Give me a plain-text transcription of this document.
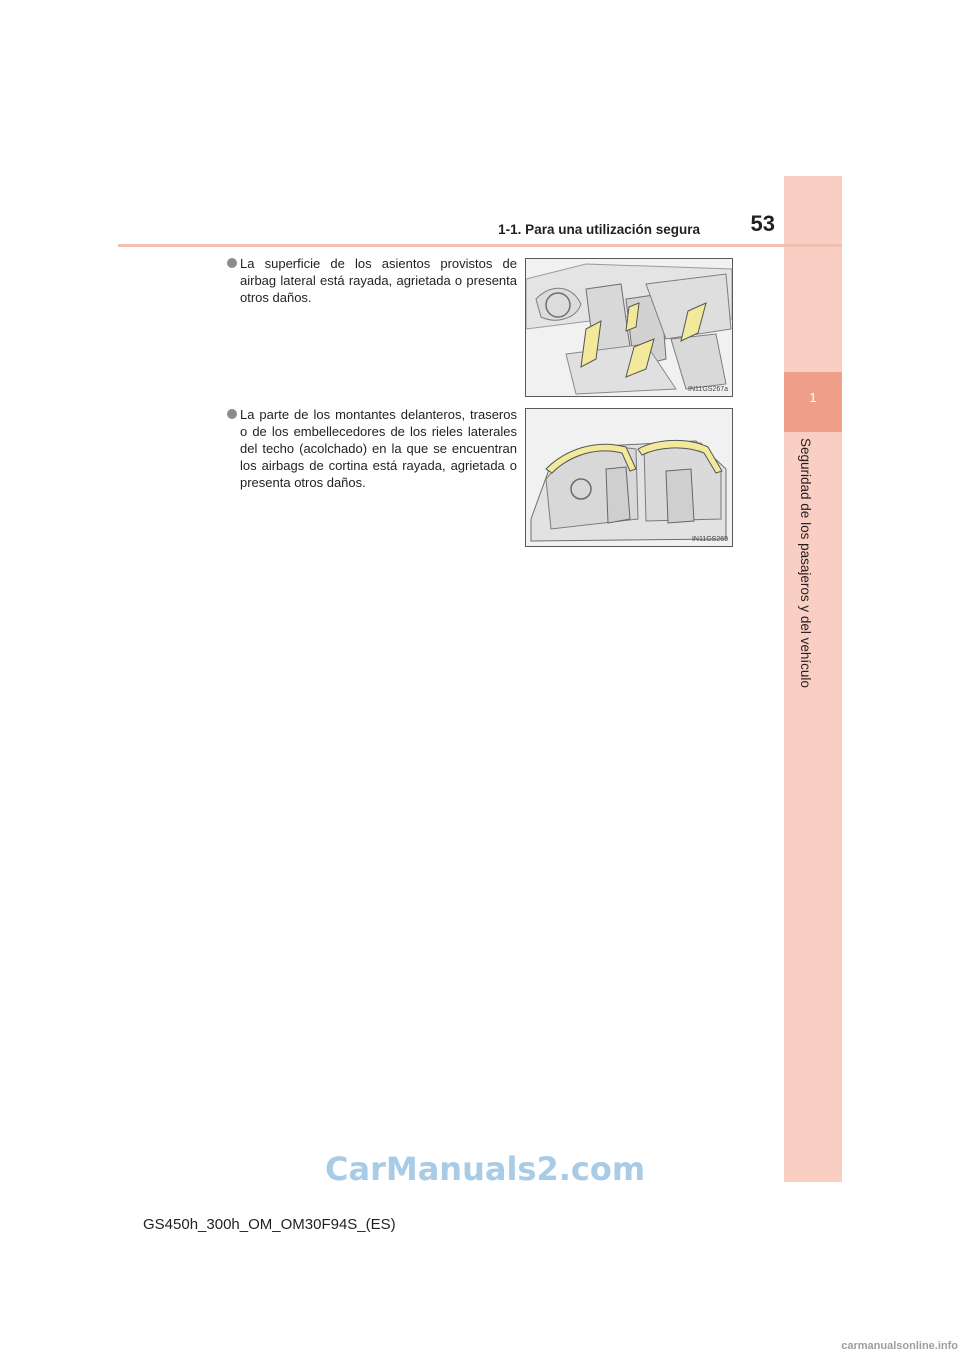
1
Seguridad de los pasajeros y del vehículo
1-1. Para una utilización segura	53
La superficie de los asientos provistos de airbag lateral está rayada, agrietada o presenta otros daños.
IN11GS267a
La parte de los montantes delanteros, traseros o de los embellecedores de los rieles laterales del techo (acolchado) en la que se encuentran los airbags de cortina está rayada, agrietada o presenta otros daños.
IN11GS269
CarManuals2.com
GS450h_300h_OM_OM30F94S_(ES)
carmanualsonline.info
